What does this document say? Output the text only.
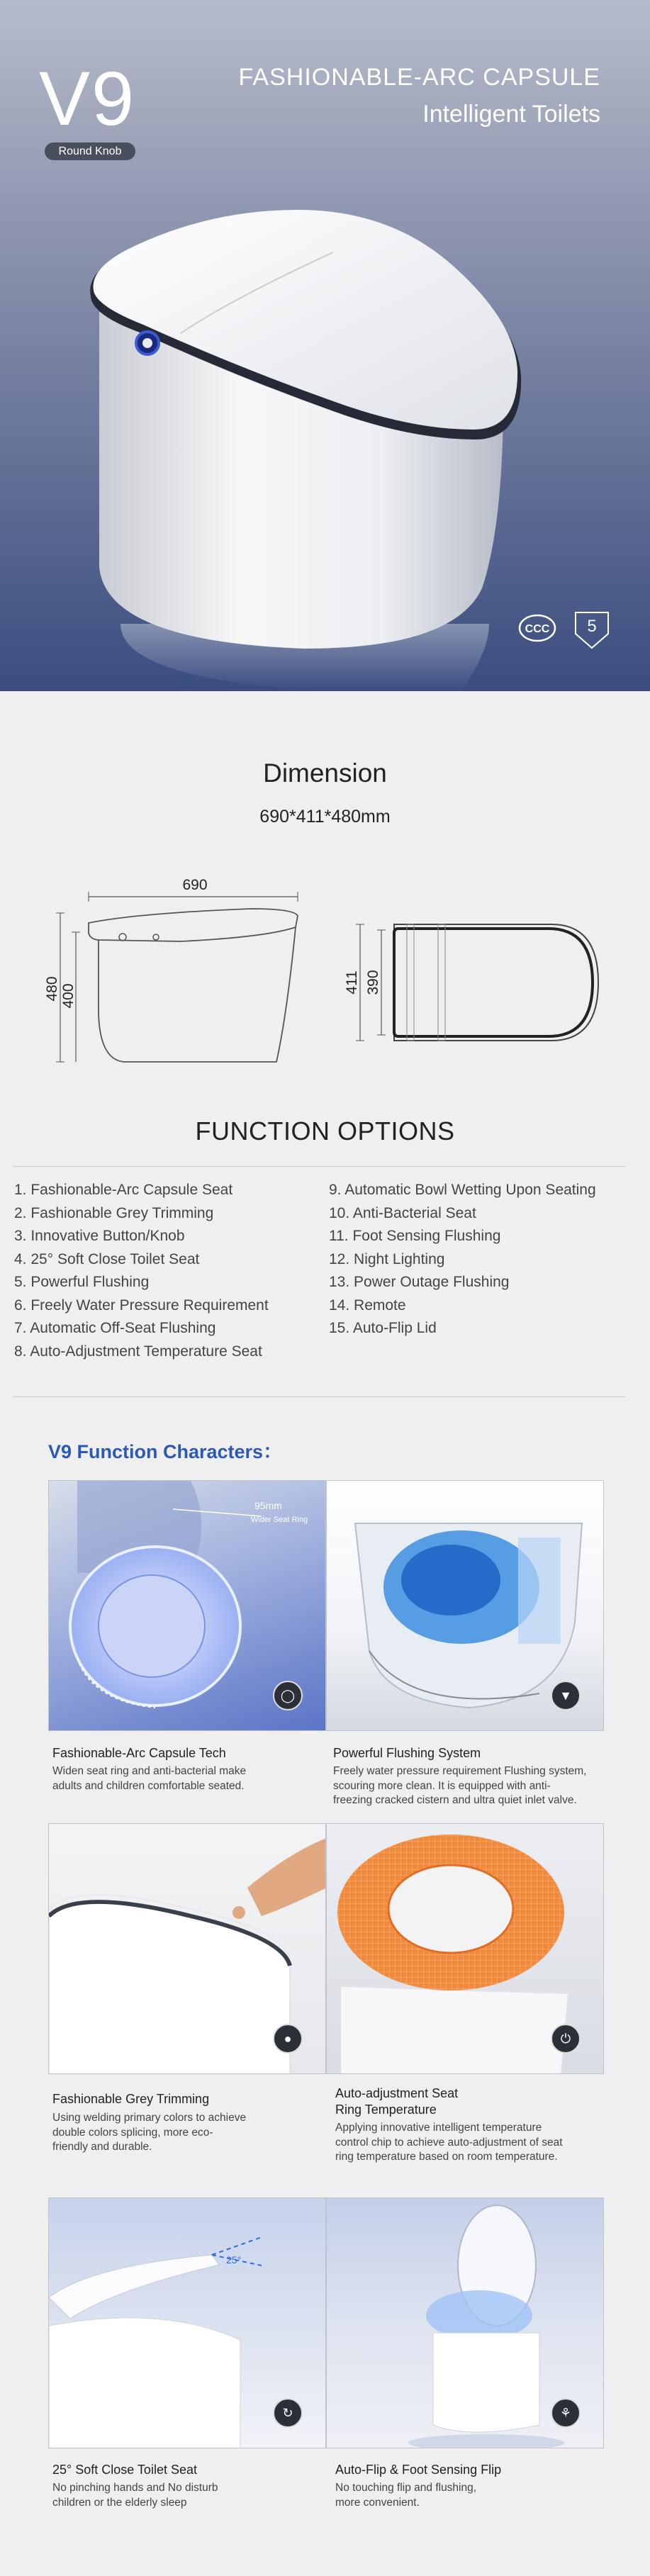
V9
Round Knob
FASHIONABLE-ARC CAPSULE
Intelligent Toilets
CCC 5
Dimension
690*411*480mm
690
480 400
411 390
FUNCTION OPTIONS
1. Fashionable-Arc Capsule Seat
2. Fashionable Grey Trimming
3. Innovative Button/Knob
4. 25° Soft Close Toilet Seat
5. Powerful Flushing
6. Freely Water Pressure Requirement
7. Automatic Off-Seat Flushing
8. Auto-Adjustment Temperature Seat
9. Automatic Bowl Wetting Upon Seating
10. Anti-Bacterial Seat
11. Foot Sensing Flushing
12. Night Lighting
13. Power Outage Flushing
14. Remote
15. Auto-Flip Lid
V9 Function Characters：
95mm
Wider Seat Ring
◯	▼
Fashionable-Arc Capsule Tech
Widen seat ring and anti-bacterial make
adults and children comfortable seated.
Powerful Flushing System
Freely water pressure requirement Flushing system,
scouring more clean. It is equipped with anti-
freezing cracked cistern and ultra quiet inlet valve.
●	⏻
Fashionable Grey Trimming
Using welding primary colors to achieve
double colors splicing, more eco-
friendly and durable.
Auto-adjustment Seat
Ring Temperature
Applying innovative intelligent temperature
control chip to achieve auto-adjustment of seat
ring temperature based on room temperature.
25°
↻	⚘
25° Soft Close Toilet Seat
No pinching hands and No disturb
children or the elderly sleep
Auto-Flip & Foot Sensing Flip
No touching flip and flushing,
more convenient.
